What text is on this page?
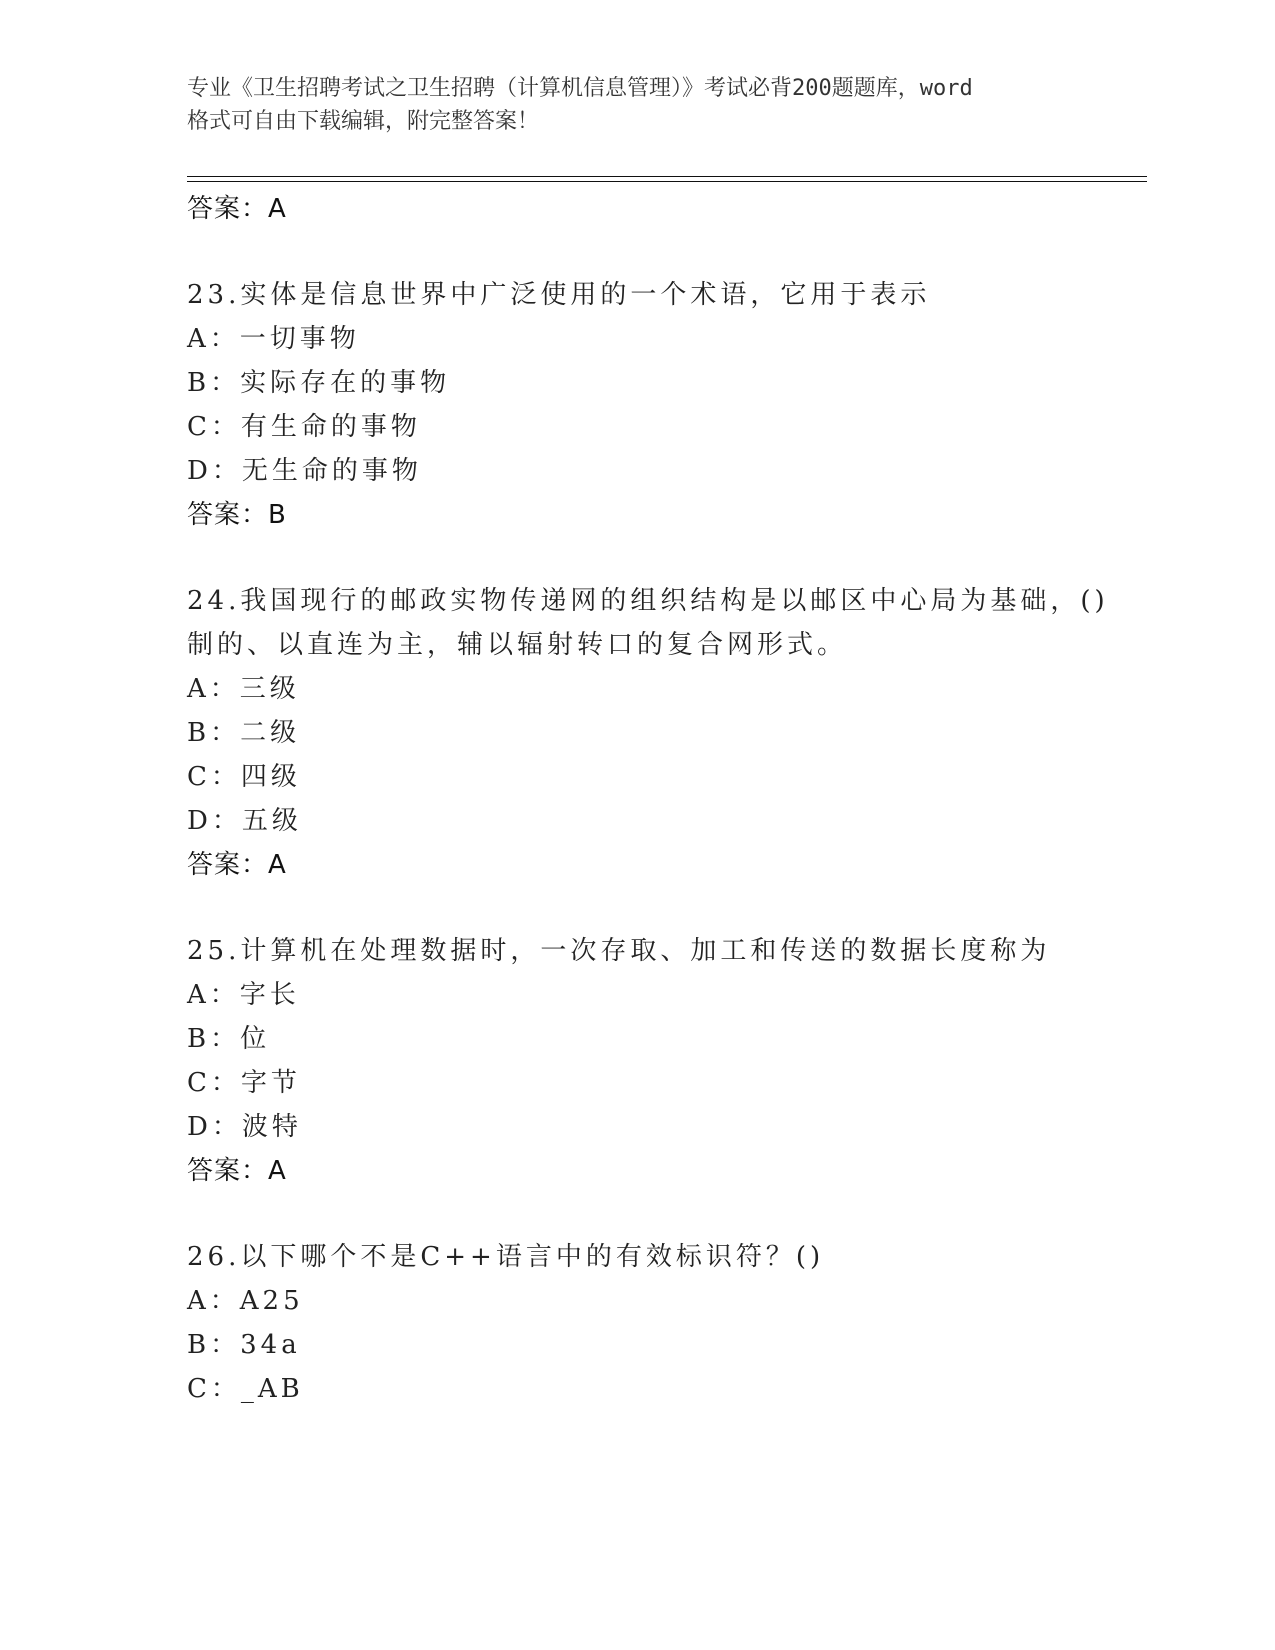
专业《卫生招聘考试之卫生招聘（计算机信息管理）》考试必背200题题库，word
格式可自由下载编辑，附完整答案！
答案：A
23.实体是信息世界中广泛使用的一个术语，它用于表示
A：一切事物
B：实际存在的事物
C：有生命的事物
D：无生命的事物
答案：B
24.我国现行的邮政实物传递网的组织结构是以邮区中心局为基础，()
制的、以直连为主，辅以辐射转口的复合网形式。
A：三级
B：二级
C：四级
D：五级
答案：A
25.计算机在处理数据时，一次存取、加工和传送的数据长度称为
A：字长
B：位
C：字节
D：波特
答案：A
26.以下哪个不是C++语言中的有效标识符？()
A：A25
B：34a
C：_AB
